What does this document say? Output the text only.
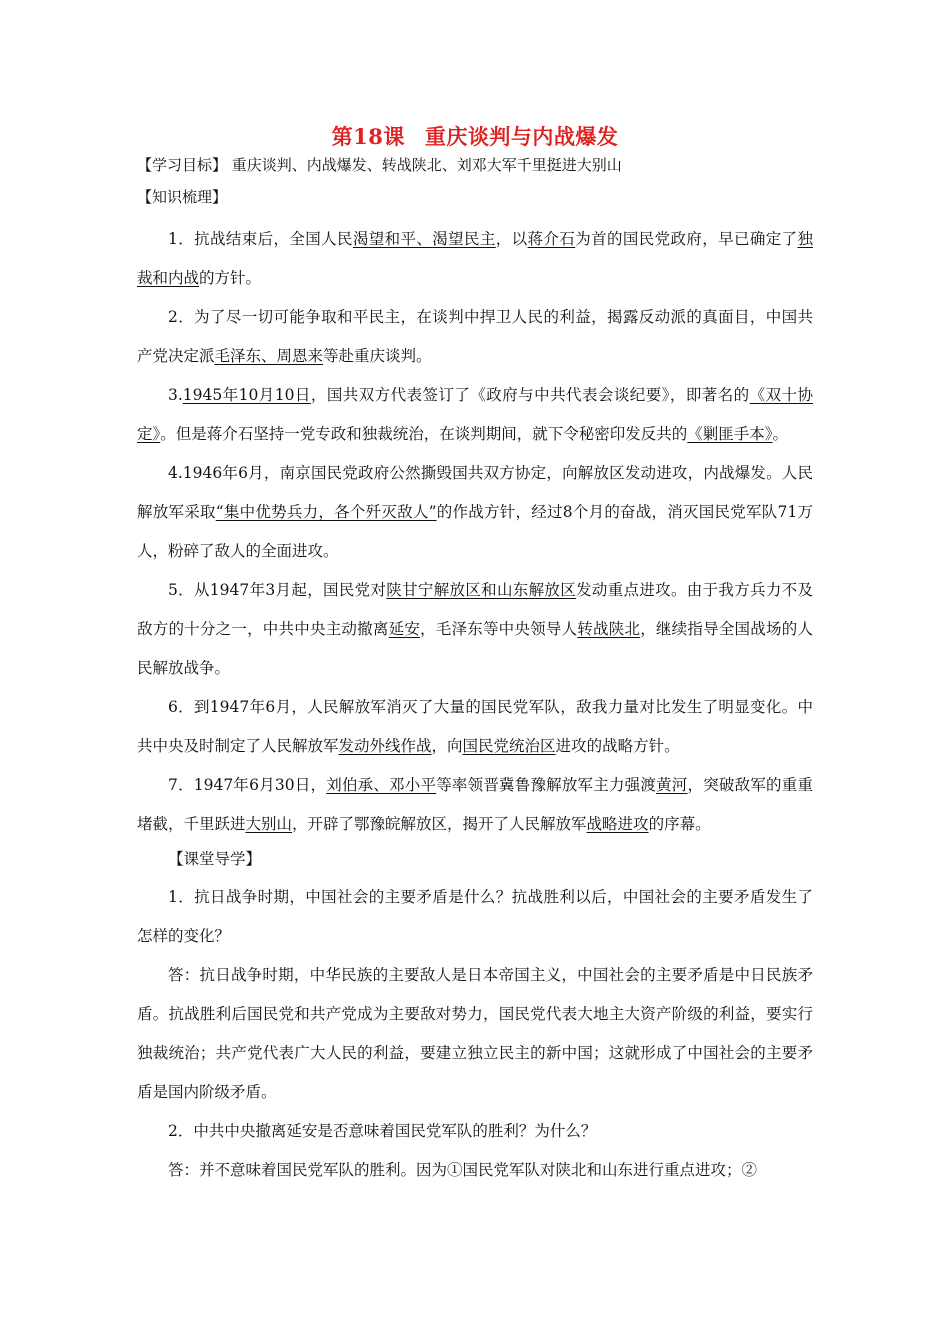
第18课 重庆谈判与内战爆发
【学习目标】 重庆谈判、内战爆发、转战陕北、刘邓大军千里挺进大别山
【知识梳理】

1．抗战结束后，全国人民渴望和平、渴望民主，以蒋介石为首的国民党政府，早已确定了独裁和内战的方针。

2．为了尽一切可能争取和平民主，在谈判中捍卫人民的利益，揭露反动派的真面目，中国共产党决定派毛泽东、周恩来等赴重庆谈判。

3.1945年10月10日，国共双方代表签订了《政府与中共代表会谈纪要》，即著名的《双十协定》。但是蒋介石坚持一党专政和独裁统治，在谈判期间，就下令秘密印发反共的《剿匪手本》。

4.1946年6月，南京国民党政府公然撕毁国共双方协定，向解放区发动进攻，内战爆发。人民解放军采取“集中优势兵力，各个歼灭敌人”的作战方针，经过8个月的奋战，消灭国民党军队71万人，粉碎了敌人的全面进攻。

5．从1947年3月起，国民党对陕甘宁解放区和山东解放区发动重点进攻。由于我方兵力不及敌方的十分之一，中共中央主动撤离延安，毛泽东等中央领导人转战陕北，继续指导全国战场的人民解放战争。

6．到1947年6月，人民解放军消灭了大量的国民党军队，敌我力量对比发生了明显变化。中共中央及时制定了人民解放军发动外线作战，向国民党统治区进攻的战略方针。

7．1947年6月30日，刘伯承、邓小平等率领晋冀鲁豫解放军主力强渡黄河，突破敌军的重重堵截，千里跃进大别山，开辟了鄂豫皖解放区，揭开了人民解放军战略进攻的序幕。

【课堂导学】

1．抗日战争时期，中国社会的主要矛盾是什么？抗战胜利以后，中国社会的主要矛盾发生了怎样的变化？

答：抗日战争时期，中华民族的主要敌人是日本帝国主义，中国社会的主要矛盾是中日民族矛盾。抗战胜利后国民党和共产党成为主要敌对势力，国民党代表大地主大资产阶级的利益，要实行独裁统治；共产党代表广大人民的利益，要建立独立民主的新中国；这就形成了中国社会的主要矛盾是国内阶级矛盾。

2．中共中央撤离延安是否意味着国民党军队的胜利？为什么？

答：并不意味着国民党军队的胜利。因为①国民党军队对陕北和山东进行重点进攻；②
